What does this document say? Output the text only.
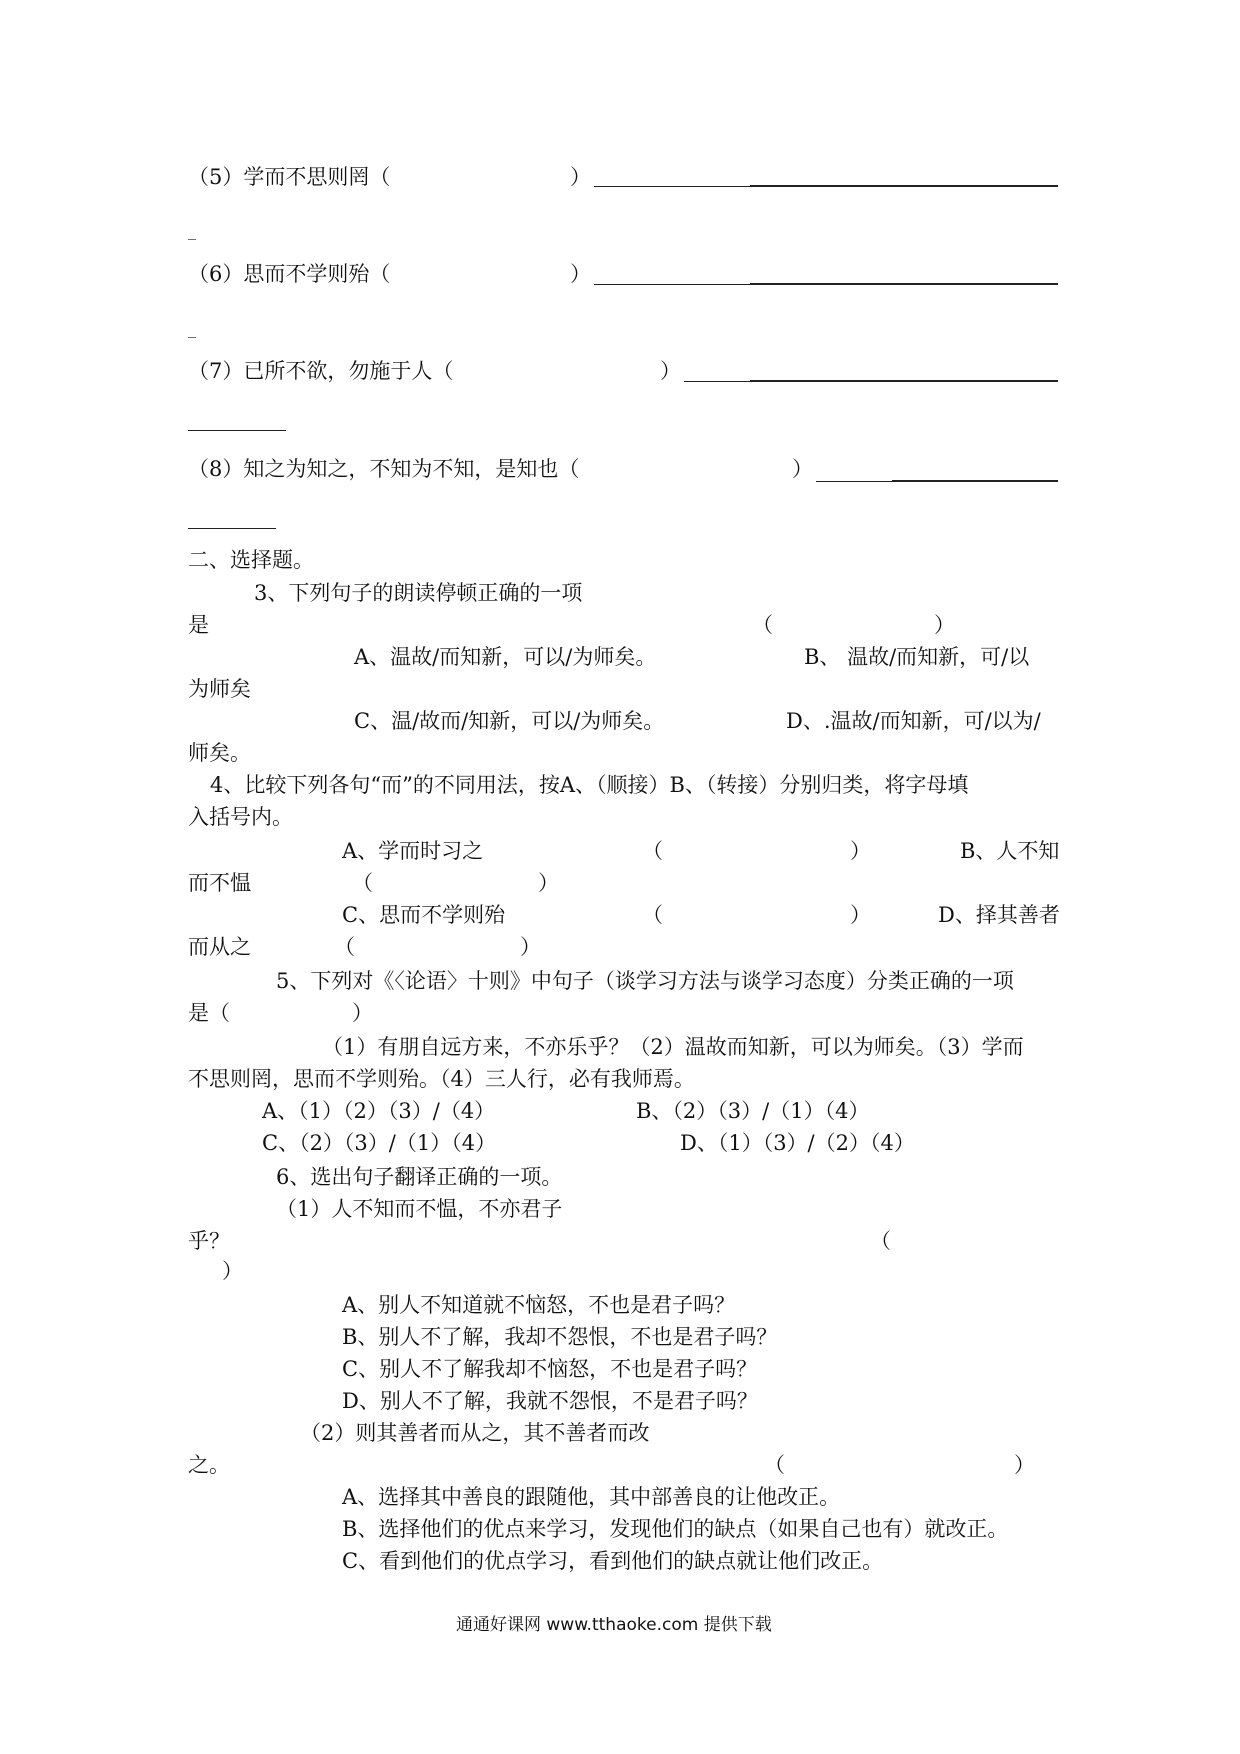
（5）学而不思则罔（	）
_
（6）思而不学则殆（	）
_
（7）已所不欲，勿施于人（	）
（8）知之为知之，不知为不知，是知也（	）
二、选择题。
3、下列句子的朗读停顿正确的一项
是	（	）
A、温故/而知新，可以/为师矣。	B、 温故/而知新，可/以
为师矣
C、温/故而/知新，可以/为师矣。	D、.温故/而知新，可/以为/
师矣。
4、比较下列各句“而”的不同用法，按A、（顺接）B、（转接）分别归类，将字母填
入括号内。
A、学而时习之	（	）	B、人不知
而不愠	（	）
C、思而不学则殆	（	）	D、择其善者
而从之	（	）
5、下列对《〈论语〉十则》中句子（谈学习方法与谈学习态度）分类正确的一项
是（	）
（1）有朋自远方来，不亦乐乎？（2）温故而知新，可以为师矣。（3）学而
不思则罔，思而不学则殆。（4）三人行，必有我师焉。
A、（1）（2）（3）/（4）	B、（2）（3）/（1）（4）
C、（2）（3）/（1）（4）	D、（1）（3）/（2）（4）
6、选出句子翻译正确的一项。
（1）人不知而不愠，不亦君子
乎？	（
）
A、别人不知道就不恼怒，不也是君子吗？
B、别人不了解，我却不怨恨，不也是君子吗？
C、别人不了解我却不恼怒，不也是君子吗？
D、别人不了解，我就不怨恨，不是君子吗？
（2）则其善者而从之，其不善者而改
之。	（	）
A、选择其中善良的跟随他，其中部善良的让他改正。
B、选择他们的优点来学习，发现他们的缺点（如果自己也有）就改正。
C、看到他们的优点学习，看到他们的缺点就让他们改正。
通通好课网 www.tthaoke.com 提供下载
